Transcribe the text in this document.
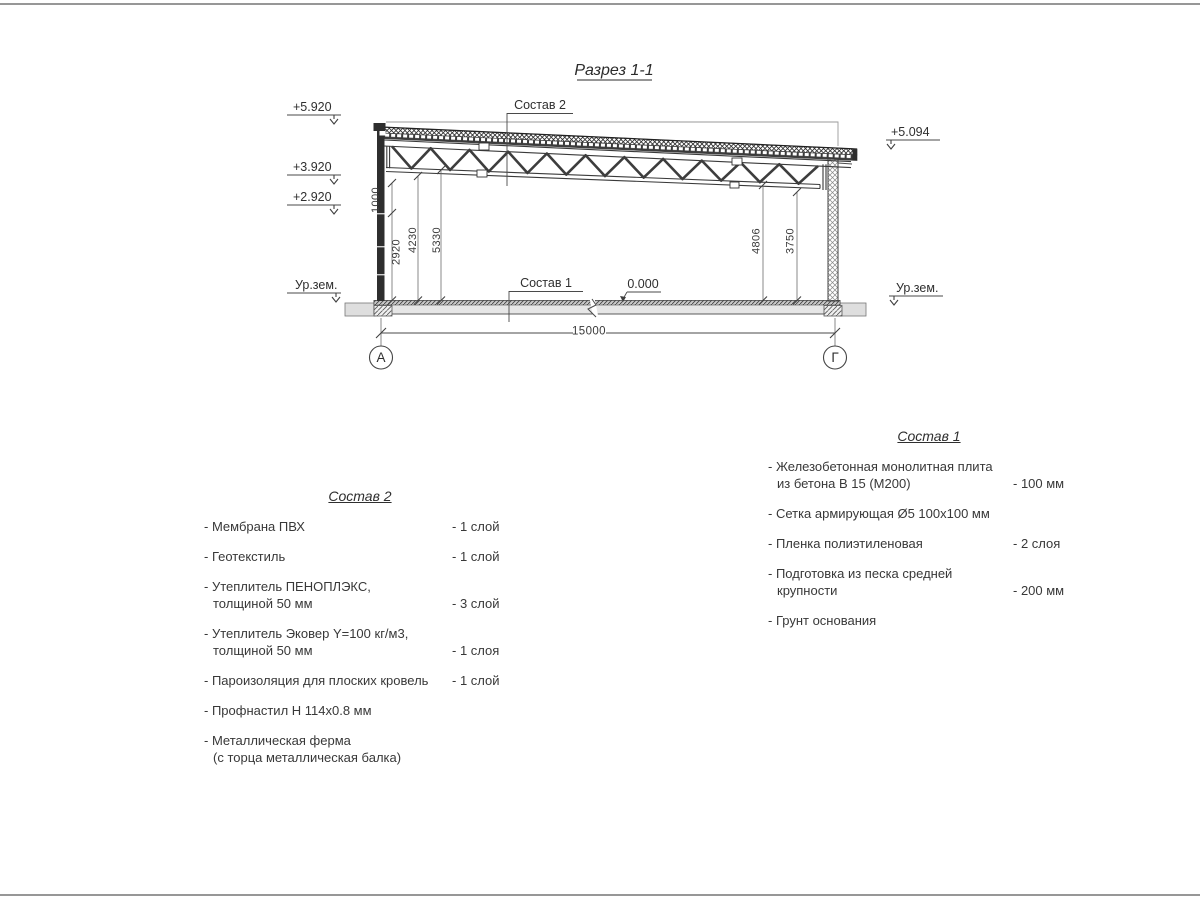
Разрез 1-1
+5.920
+3.920
+2.920
Ур.зем.
+5.094
Ур.зем.
1000
2920 4230 5330	4806 3750
Состав 2
Состав 1	0.000
15000
А	Г
Состав 2
- Мембрана ПВХ	- 1 слой
- Геотекстиль	- 1 слой
- Утеплитель ПЕНОПЛЭКС,
толщиной 50 мм	- 3 слой
- Утеплитель Эковер Y=100 кг/м3,
толщиной 50 мм	- 1 слоя
- Пароизоляция для плоских кровель	- 1 слой
- Профнастил Н 114х0.8 мм
- Металлическая ферма
(с торца металлическая балка)
Состав 1
- Железобетонная монолитная плита
из бетона В 15 (М200)	- 100 мм
- Сетка армирующая Ø5 100х100 мм
- Пленка полиэтиленовая	- 2 слоя
- Подготовка из песка средней
крупности	- 200 мм
- Грунт основания
